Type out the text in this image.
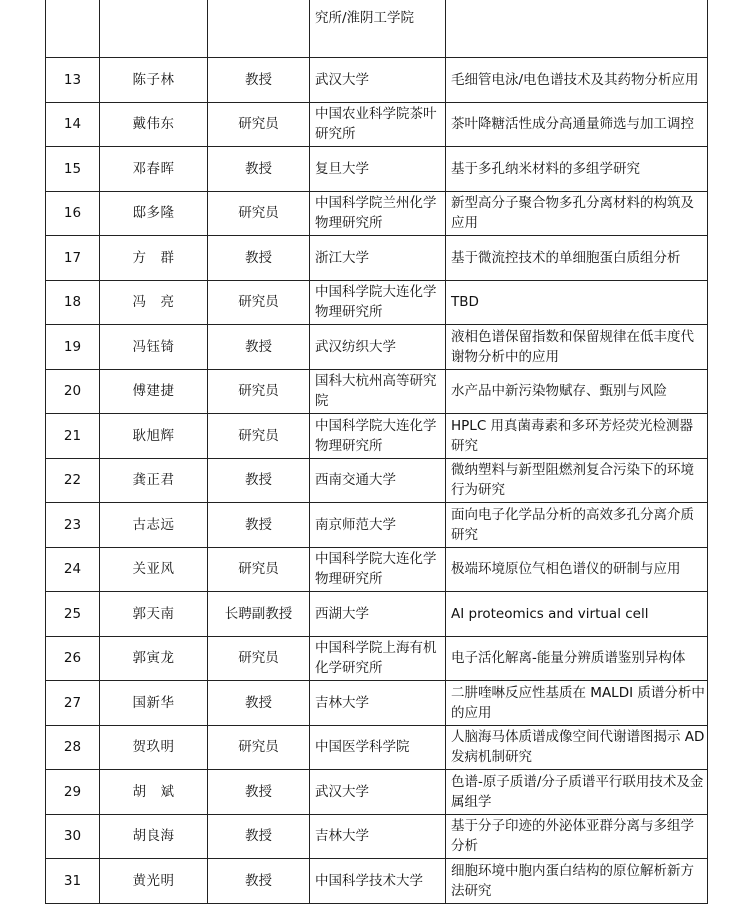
			究所/淮阴工学院	
13	陈子林	教授	武汉大学	毛细管电泳/电色谱技术及其药物分析应用
14	戴伟东	研究员	中国农业科学院茶叶研究所	茶叶降糖活性成分高通量筛选与加工调控
15	邓春晖	教授	复旦大学	基于多孔纳米材料的多组学研究
16	邸多隆	研究员	中国科学院兰州化学物理研究所	新型高分子聚合物多孔分离材料的构筑及应用
17	方　群	教授	浙江大学	基于微流控技术的单细胞蛋白质组分析
18	冯　亮	研究员	中国科学院大连化学物理研究所	TBD
19	冯钰锜	教授	武汉纺织大学	液相色谱保留指数和保留规律在低丰度代谢物分析中的应用
20	傅建捷	研究员	国科大杭州高等研究院	水产品中新污染物赋存、甄别与风险
21	耿旭辉	研究员	中国科学院大连化学物理研究所	HPLC 用真菌毒素和多环芳烃荧光检测器研究
22	龚正君	教授	西南交通大学	微纳塑料与新型阻燃剂复合污染下的环境行为研究
23	古志远	教授	南京师范大学	面向电子化学品分析的高效多孔分离介质研究
24	关亚风	研究员	中国科学院大连化学物理研究所	极端环境原位气相色谱仪的研制与应用
25	郭天南	长聘副教授	西湖大学	AI proteomics and virtual cell
26	郭寅龙	研究员	中国科学院上海有机化学研究所	电子活化解离-能量分辨质谱鉴别异构体
27	国新华	教授	吉林大学	二肼喹啉反应性基质在 MALDI 质谱分析中的应用
28	贺玖明	研究员	中国医学科学院	人脑海马体质谱成像空间代谢谱图揭示 AD 发病机制研究
29	胡　斌	教授	武汉大学	色谱-原子质谱/分子质谱平行联用技术及金属组学
30	胡良海	教授	吉林大学	基于分子印迹的外泌体亚群分离与多组学分析
31	黄光明	教授	中国科学技术大学	细胞环境中胞内蛋白结构的原位解析新方法研究
